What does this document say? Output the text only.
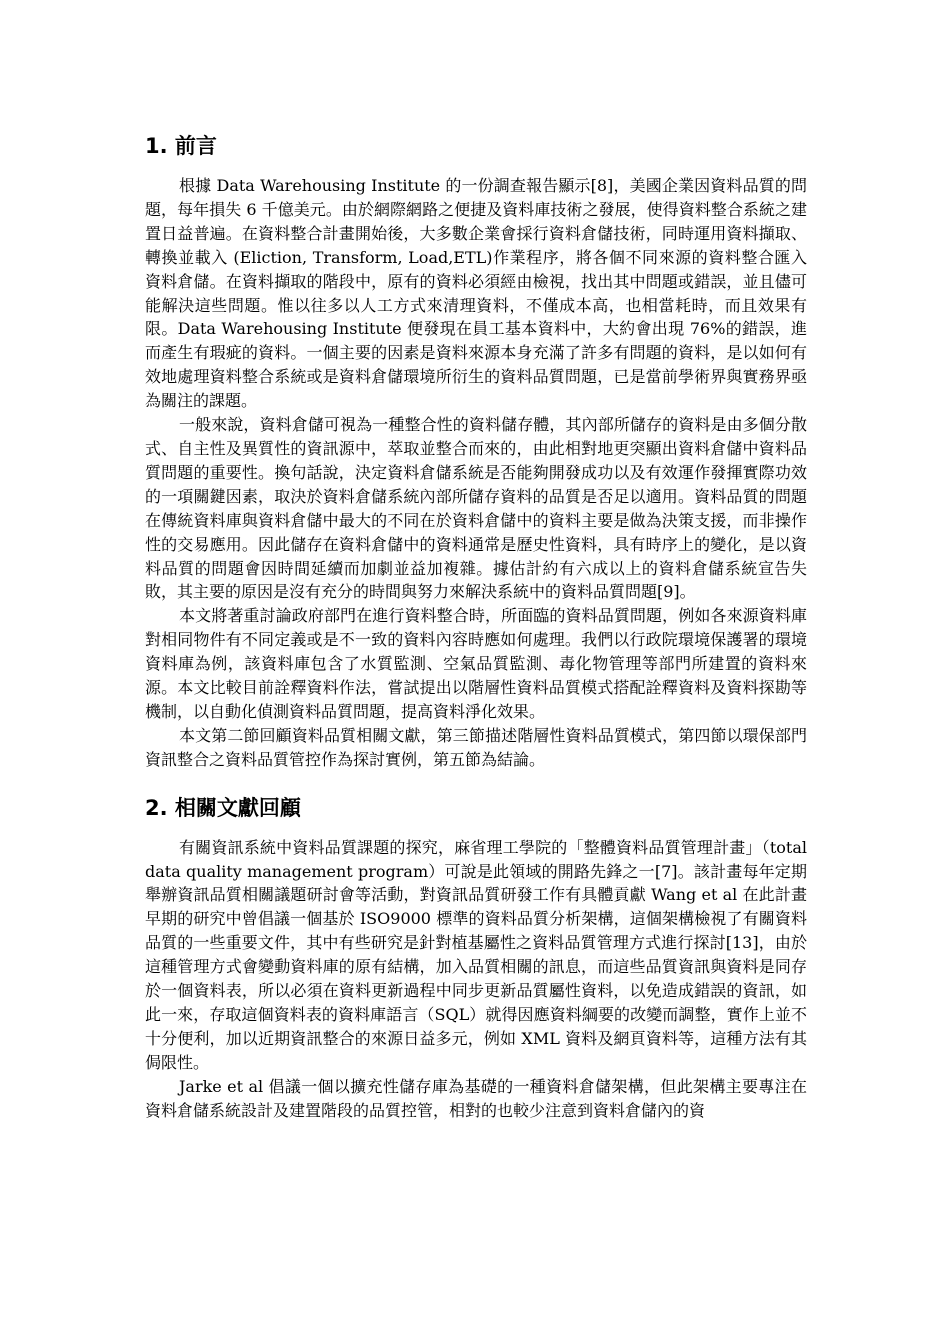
1. 前言

根據 Data Warehousing Institute 的一份調查報告顯示[8]，美國企業因資料品質的問題，每年損失 6 千億美元。由於網際網路之便捷及資料庫技術之發展，使得資料整合系統之建置日益普遍。在資料整合計畫開始後，大多數企業會採行資料倉儲技術，同時運用資料擷取、轉換並載入 (Eliction, Transform, Load,ETL)作業程序，將各個不同來源的資料整合匯入資料倉儲。在資料擷取的階段中，原有的資料必須經由檢視，找出其中問題或錯誤，並且儘可能解決這些問題。惟以往多以人工方式來清理資料，不僅成本高，也相當耗時，而且效果有限。Data Warehousing Institute 便發現在員工基本資料中，大約會出現 76%的錯誤，進而產生有瑕疵的資料。一個主要的因素是資料來源本身充滿了許多有問題的資料，是以如何有效地處理資料整合系統或是資料倉儲環境所衍生的資料品質問題，已是當前學術界與實務界亟為關注的課題。

一般來說，資料倉儲可視為一種整合性的資料儲存體，其內部所儲存的資料是由多個分散式、自主性及異質性的資訊源中，萃取並整合而來的，由此相對地更突顯出資料倉儲中資料品質問題的重要性。換句話說，決定資料倉儲系統是否能夠開發成功以及有效運作發揮實際功效的一項關鍵因素，取決於資料倉儲系統內部所儲存資料的品質是否足以適用。資料品質的問題在傳統資料庫與資料倉儲中最大的不同在於資料倉儲中的資料主要是做為決策支援，而非操作性的交易應用。因此儲存在資料倉儲中的資料通常是歷史性資料，具有時序上的變化，是以資料品質的問題會因時間延續而加劇並益加複雜。據估計約有六成以上的資料倉儲系統宣告失敗，其主要的原因是沒有充分的時間與努力來解決系統中的資料品質問題[9]。

本文將著重討論政府部門在進行資料整合時，所面臨的資料品質問題，例如各來源資料庫對相同物件有不同定義或是不一致的資料內容時應如何處理。我們以行政院環境保護署的環境資料庫為例，該資料庫包含了水質監測、空氣品質監測、毒化物管理等部門所建置的資料來源。本文比較目前詮釋資料作法，嘗試提出以階層性資料品質模式搭配詮釋資料及資料探勘等機制，以自動化偵測資料品質問題，提高資料淨化效果。

本文第二節回顧資料品質相關文獻，第三節描述階層性資料品質模式，第四節以環保部門資訊整合之資料品質管控作為探討實例，第五節為結論。

2. 相關文獻回顧

有關資訊系統中資料品質課題的探究，麻省理工學院的「整體資料品質管理計畫」（total data quality management program）可說是此領域的開路先鋒之一[7]。該計畫每年定期舉辦資訊品質相關議題研討會等活動，對資訊品質研發工作有具體貢獻 Wang et al 在此計畫早期的研究中曾倡議一個基於 ISO9000 標準的資料品質分析架構，這個架構檢視了有關資料品質的一些重要文件，其中有些研究是針對植基屬性之資料品質管理方式進行探討[13]，由於這種管理方式會變動資料庫的原有結構，加入品質相關的訊息，而這些品質資訊與資料是同存於一個資料表，所以必須在資料更新過程中同步更新品質屬性資料，以免造成錯誤的資訊，如此一來，存取這個資料表的資料庫語言（SQL）就得因應資料綱要的改變而調整，實作上並不十分便利，加以近期資訊整合的來源日益多元，例如 XML 資料及網頁資料等，這種方法有其侷限性。

Jarke et al 倡議一個以擴充性儲存庫為基礎的一種資料倉儲架構，但此架構主要專注在資料倉儲系統設計及建置階段的品質控管，相對的也較少注意到資料倉儲內的資
